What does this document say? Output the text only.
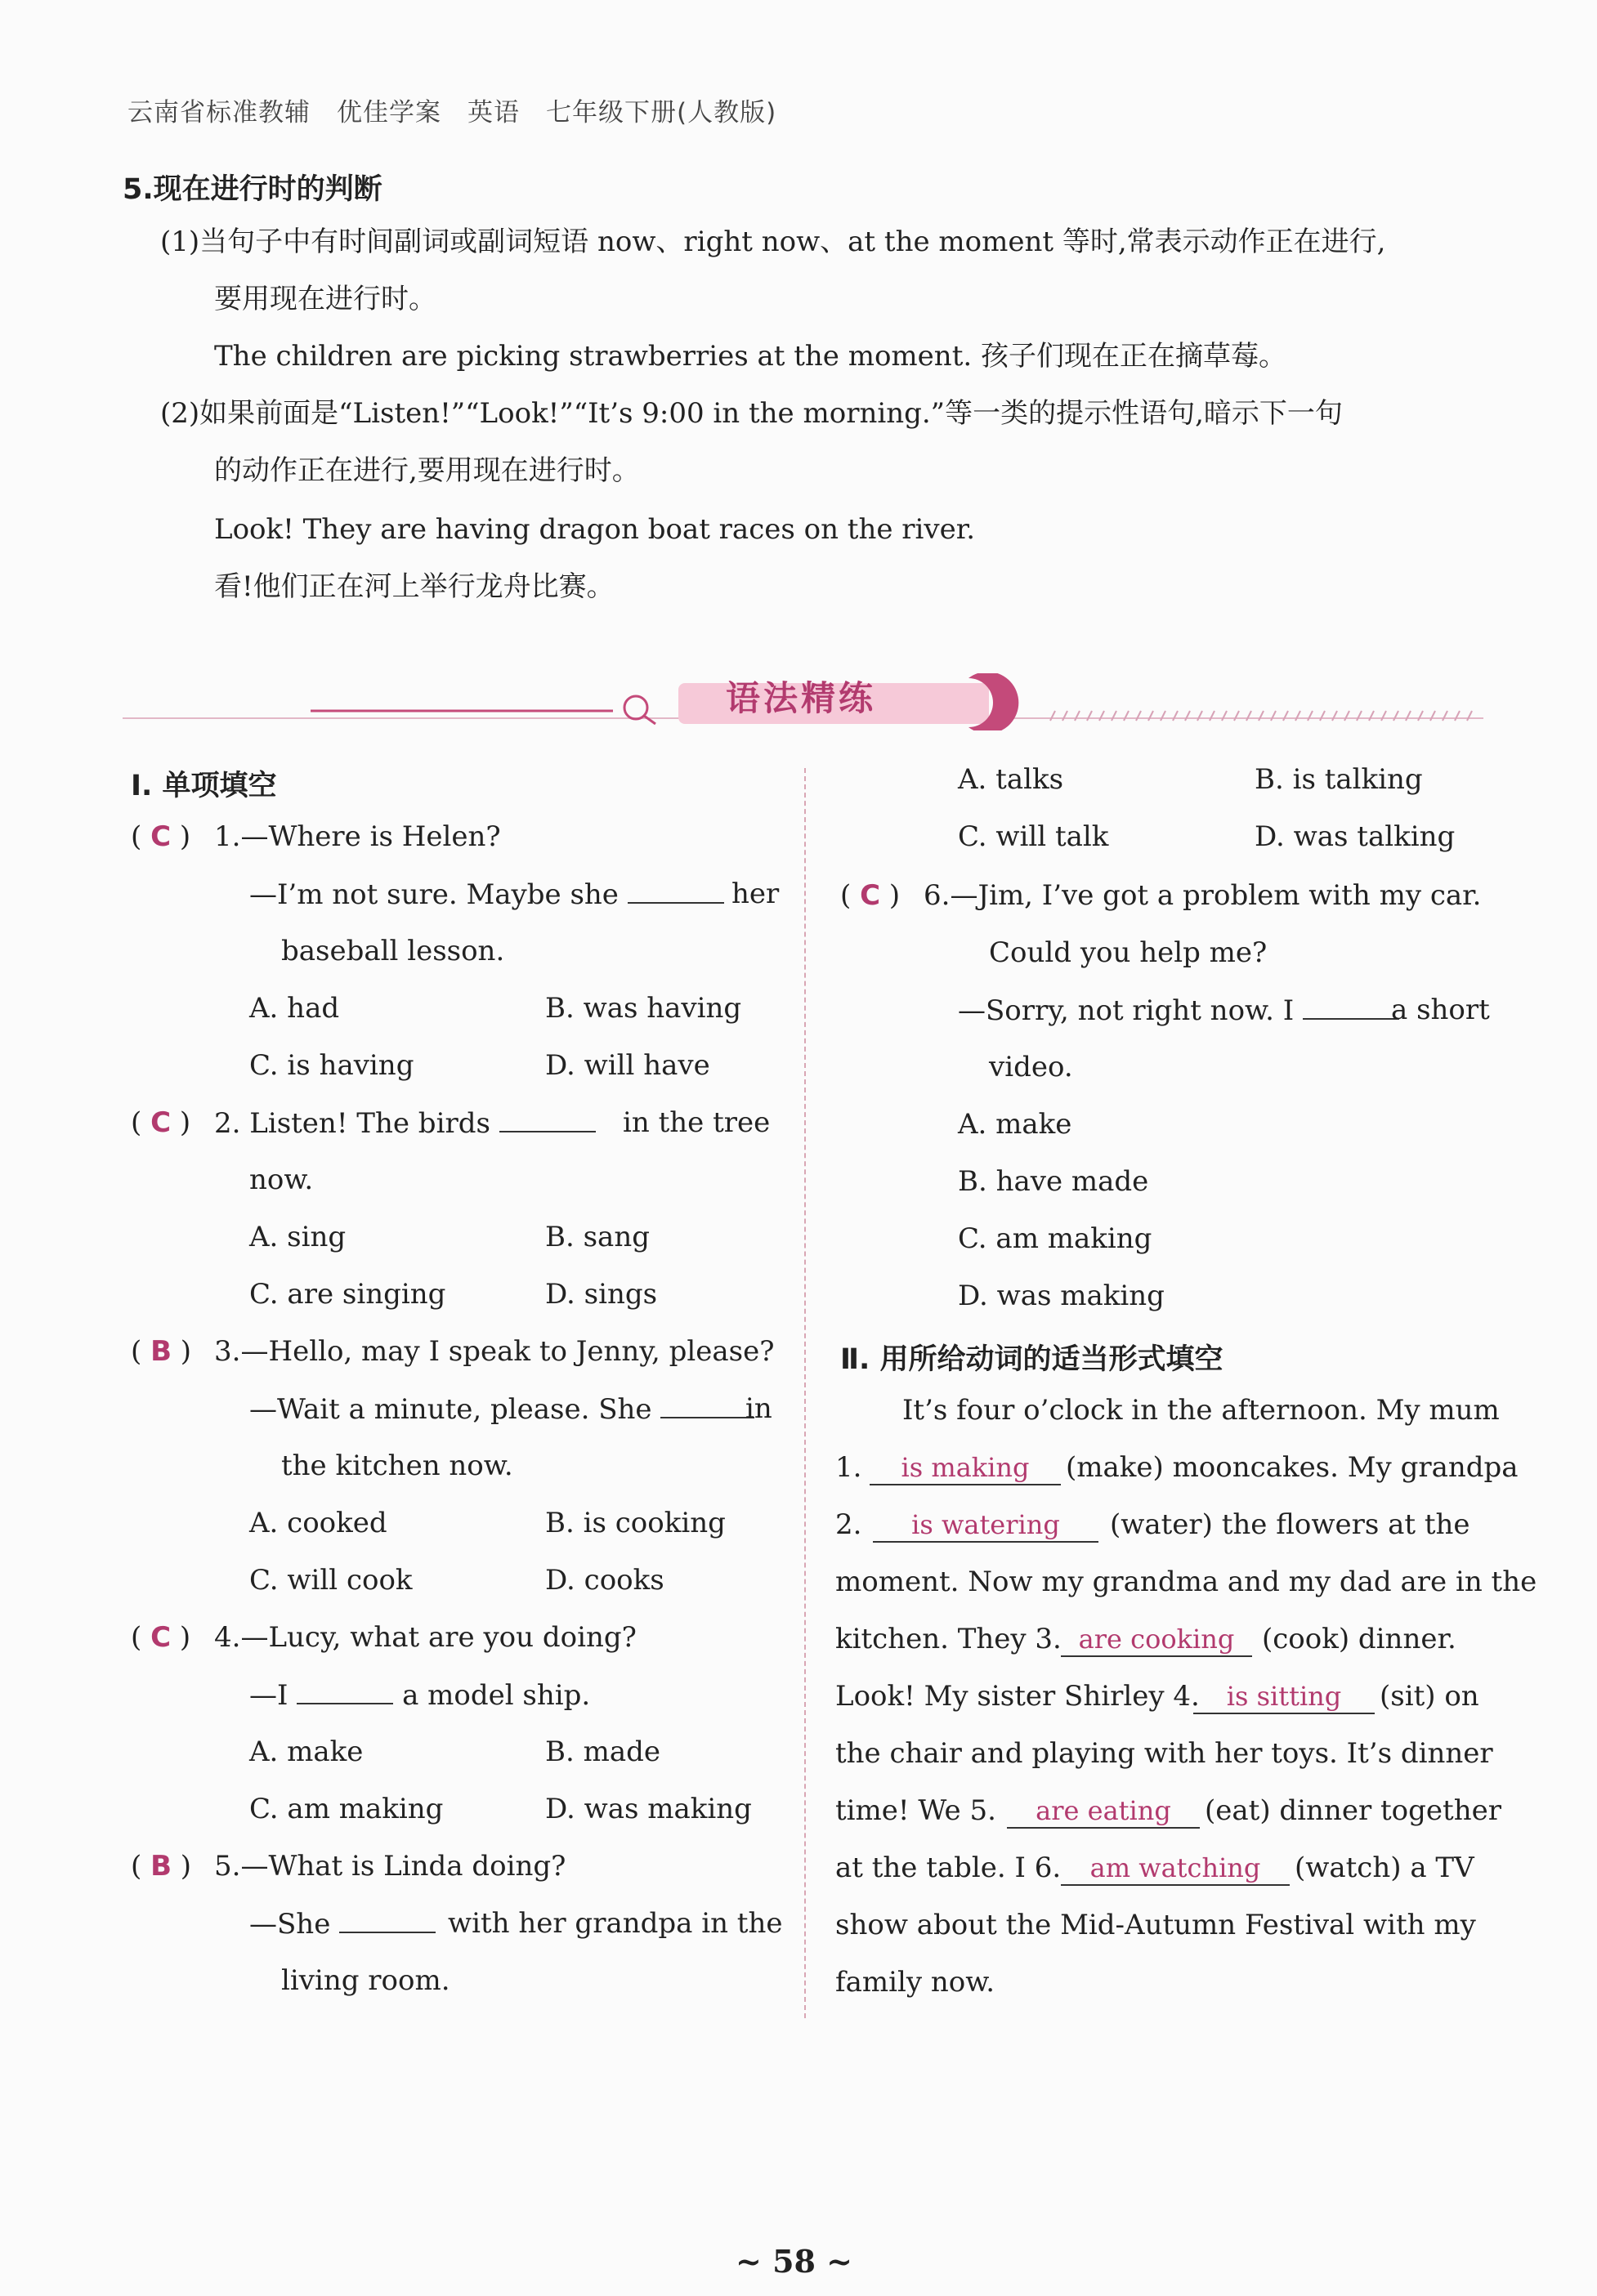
云南省标准教辅　优佳学案　英语　七年级下册(人教版)
5.现在进行时的判断
(1)当句子中有时间副词或副词短语 now、right now、at the moment 等时,常表示动作正在进行,
要用现在进行时。
The children are picking strawberries at the moment. 孩子们现在正在摘草莓。
(2)如果前面是“Listen!”“Look!”“It’s 9:00 in the morning.”等一类的提示性语句,暗示下一句
的动作正在进行,要用现在进行时。
Look! They are having dragon boat races on the river.
看!他们正在河上举行龙舟比赛。
语法精练
Ⅰ. 单项填空
( C ) 1.—Where is Helen?
—I’m not sure. Maybe she	her
baseball lesson.
A. had	B. was having
C. is having	D. will have
( C ) 2. Listen! The birds	in the tree
now.
A. sing	B. sang
C. are singing	D. sings
( B ) 3.—Hello, may I speak to Jenny, please?
—Wait a minute, please. She	in
the kitchen now.
A. cooked	B. is cooking
C. will cook	D. cooks
( C ) 4.—Lucy, what are you doing?
—I	a model ship.
A. make	B. made
C. am making	D. was making
( B ) 5.—What is Linda doing?
—She	with her grandpa in the
living room.
A. talks	B. is talking
C. will talk	D. was talking
( C ) 6.—Jim, I’ve got a problem with my car.
Could you help me?
—Sorry, not right now. I	a short
video.
A. make
B. have made
C. am making
D. was making
Ⅱ. 用所给动词的适当形式填空
It’s four o’clock in the afternoon. My mum
1.	is making	(make) mooncakes. My grandpa
2.	is watering	(water) the flowers at the
moment. Now my grandma and my dad are in the
kitchen. They 3. are cooking (cook) dinner.
Look! My sister Shirley 4.	is sitting	(sit) on
the chair and playing with her toys. It’s dinner
time! We 5.	are eating	(eat) dinner together
at the table. I 6.	am watching	(watch) a TV
show about the Mid-Autumn Festival with my
family now.
~ 58 ~
